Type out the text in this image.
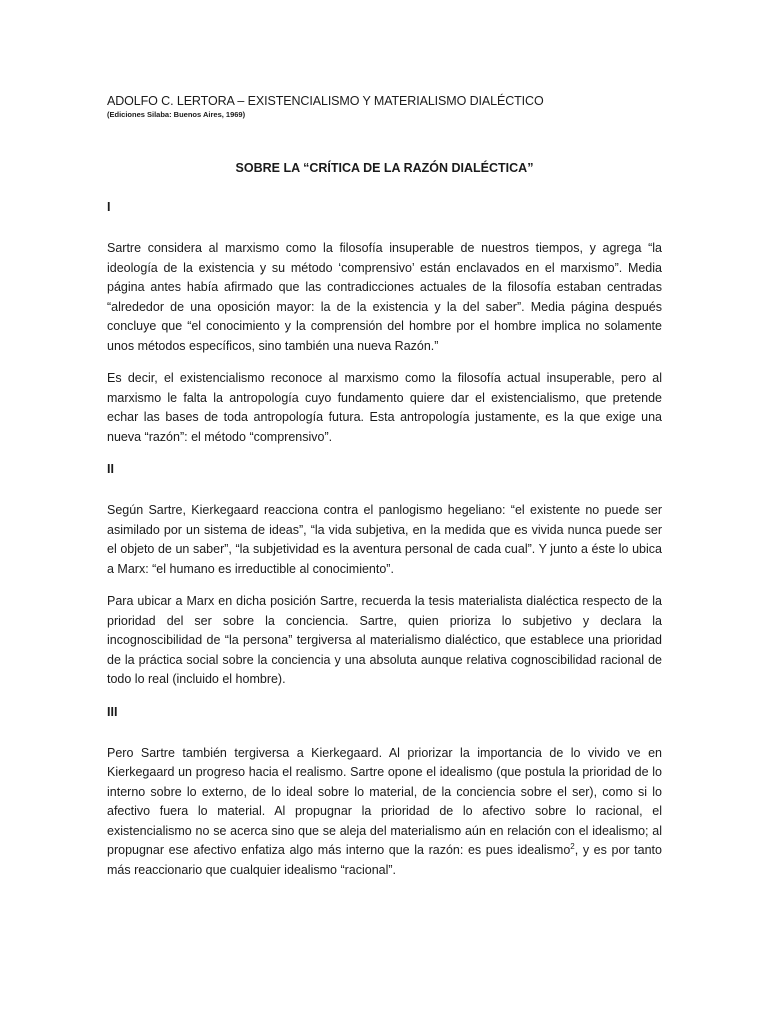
ADOLFO C. LERTORA – EXISTENCIALISMO Y MATERIALISMO DIALÉCTICO

(Ediciones Silaba: Buenos Aires, 1969)

SOBRE LA “CRÍTICA DE LA RAZÓN DIALÉCTICA”

I

Sartre considera al marxismo como la filosofía insuperable de nuestros tiempos, y agrega “la ideología de la existencia y su método ‘comprensivo’ están enclavados en el marxismo”. Media página antes había afirmado que las contradicciones actuales de la filosofía estaban centradas “alrededor de una oposición mayor: la de la existencia y la del saber”. Media página después concluye que “el conocimiento y la comprensión del hombre por el hombre implica no solamente unos métodos específicos, sino también una nueva Razón.”

Es decir, el existencialismo reconoce al marxismo como la filosofía actual insuperable, pero al marxismo le falta la antropología cuyo fundamento quiere dar el existencialismo, que pretende echar las bases de toda antropología futura. Esta antropología justamente, es la que exige una nueva “razón”: el método “comprensivo”.

II

Según Sartre, Kierkegaard reacciona contra el panlogismo hegeliano: “el existente no puede ser asimilado por un sistema de ideas”, “la vida subjetiva, en la medida que es vivida nunca puede ser el objeto de un saber”, “la subjetividad es la aventura personal de cada cual”. Y junto a éste lo ubica a Marx: “el humano es irreductible al conocimiento”.

Para ubicar a Marx en dicha posición Sartre, recuerda la tesis materialista dialéctica respecto de la prioridad del ser sobre la conciencia. Sartre, quien prioriza lo subjetivo y declara la incognoscibilidad de “la persona” tergiversa al materialismo dialéctico, que establece una prioridad de la práctica social sobre la conciencia y una absoluta aunque relativa cognoscibilidad racional de todo lo real (incluido el hombre).

III

Pero Sartre también tergiversa a Kierkegaard. Al priorizar la importancia de lo vivido ve en Kierkegaard un progreso hacia el realismo. Sartre opone el idealismo (que postula la prioridad de lo interno sobre lo externo, de lo ideal sobre lo material, de la conciencia sobre el ser), como si lo afectivo fuera lo material. Al propugnar la prioridad de lo afectivo sobre lo racional, el existencialismo no se acerca sino que se aleja del materialismo aún en relación con el idealismo; al propugnar ese afectivo enfatiza algo más interno que la razón: es pues idealismo$^2$, y es por tanto más reaccionario que cualquier idealismo “racional”.
